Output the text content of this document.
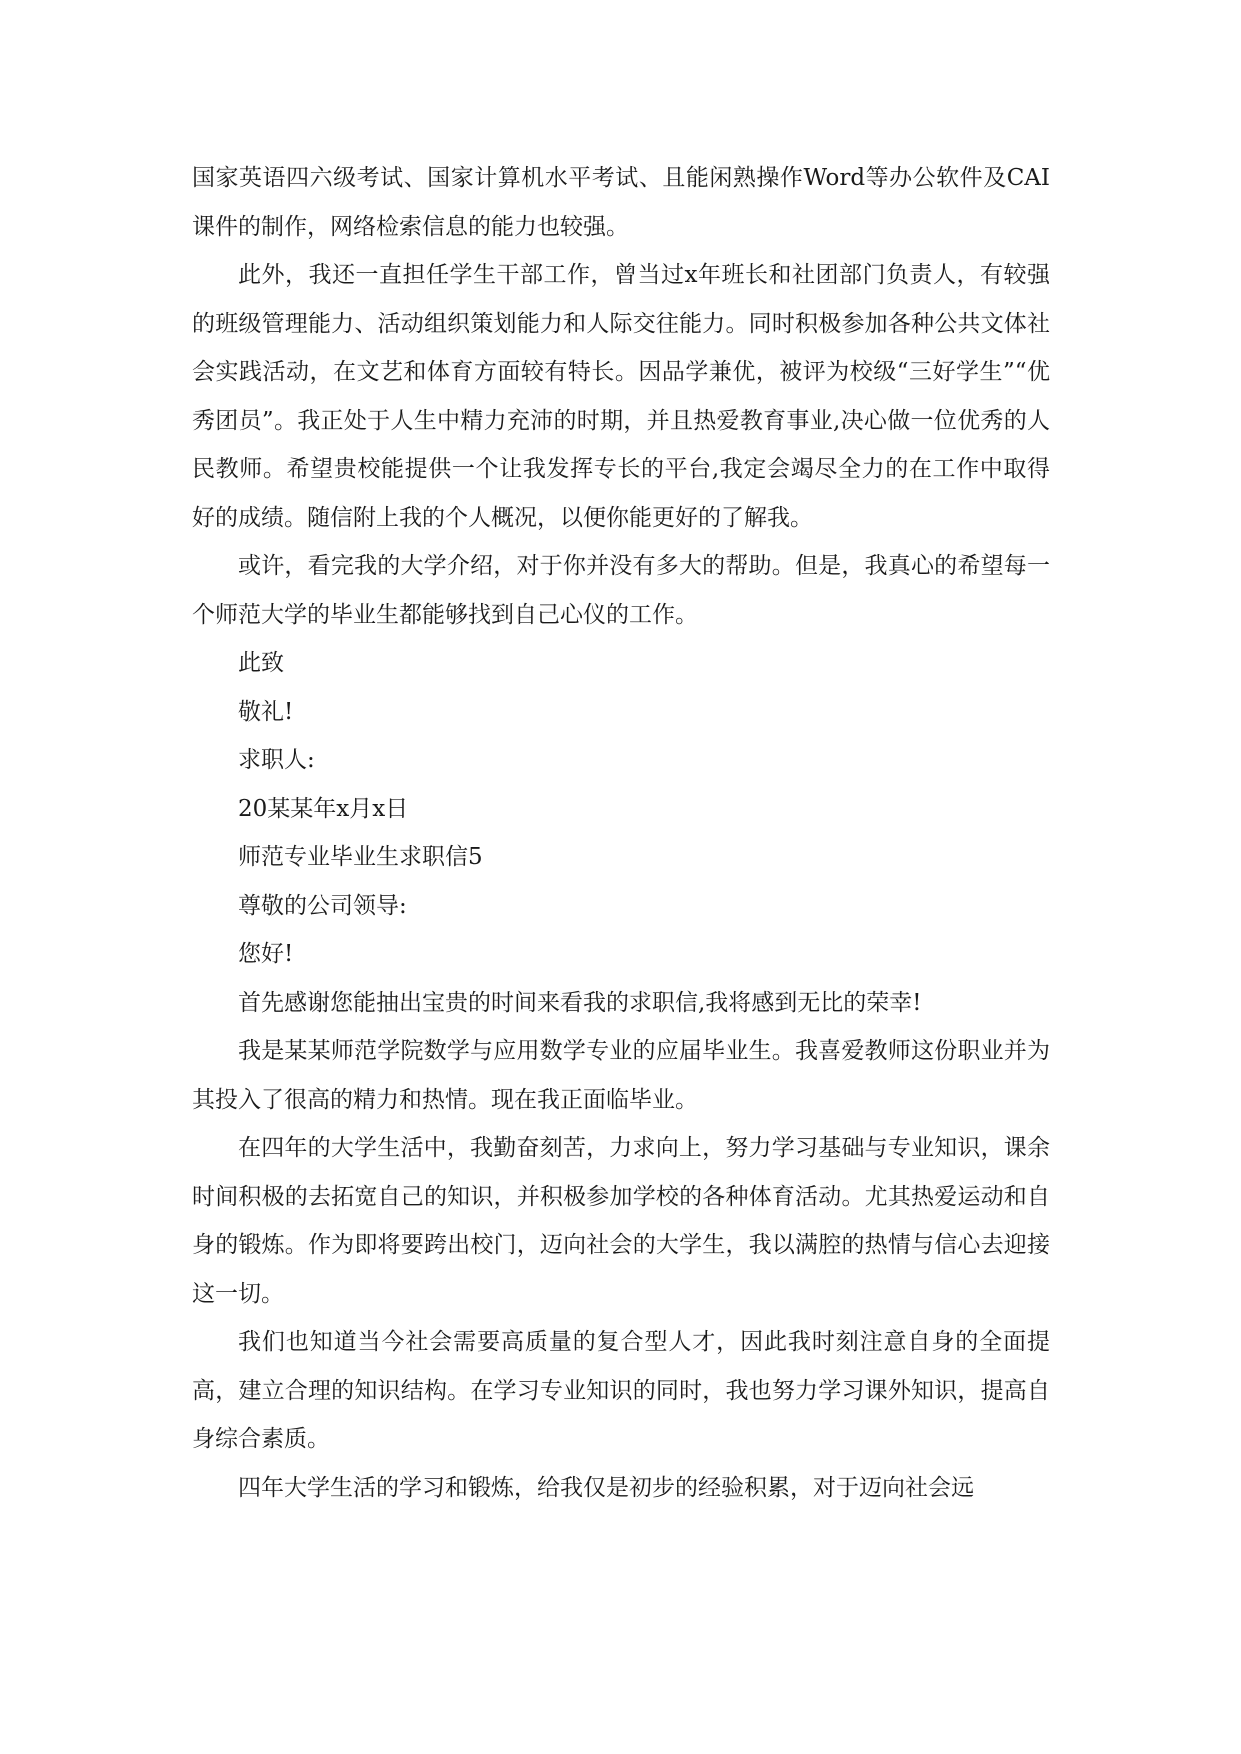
国家英语四六级考试、国家计算机水平考试、且能闲熟操作Word等办公软件及CAI课件的制作，网络检索信息的能力也较强。

此外，我还一直担任学生干部工作，曾当过x年班长和社团部门负责人，有较强的班级管理能力、活动组织策划能力和人际交往能力。同时积极参加各种公共文体社会实践活动，在文艺和体育方面较有特长。因品学兼优，被评为校级“三好学生”“优秀团员”。我正处于人生中精力充沛的时期，并且热爱教育事业,决心做一位优秀的人民教师。希望贵校能提供一个让我发挥专长的平台,我定会竭尽全力的在工作中取得好的成绩。随信附上我的个人概况，以便你能更好的了解我。

或许，看完我的大学介绍，对于你并没有多大的帮助。但是，我真心的希望每一个师范大学的毕业生都能够找到自己心仪的工作。

此致

敬礼!

求职人:

20某某年x月x日

师范专业毕业生求职信5

尊敬的公司领导:

您好!

首先感谢您能抽出宝贵的时间来看我的求职信,我将感到无比的荣幸!

我是某某师范学院数学与应用数学专业的应届毕业生。我喜爱教师这份职业并为其投入了很高的精力和热情。现在我正面临毕业。

在四年的大学生活中，我勤奋刻苦，力求向上，努力学习基础与专业知识，课余时间积极的去拓宽自己的知识，并积极参加学校的各种体育活动。尤其热爱运动和自身的锻炼。作为即将要跨出校门，迈向社会的大学生，我以满腔的热情与信心去迎接这一切。

我们也知道当今社会需要高质量的复合型人才，因此我时刻注意自身的全面提高，建立合理的知识结构。在学习专业知识的同时，我也努力学习课外知识，提高自身综合素质。

四年大学生活的学习和锻炼，给我仅是初步的经验积累，对于迈向社会远
